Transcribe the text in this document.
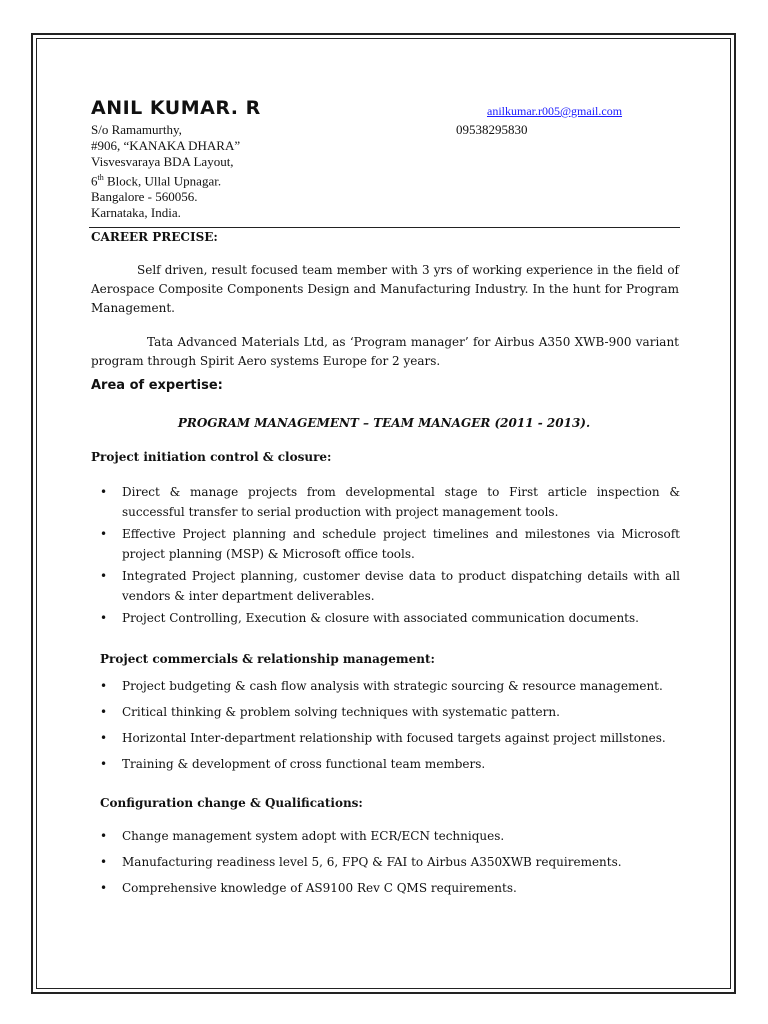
ANIL KUMAR. R	anilkumar.r005@gmail.com
09538295830
S/o Ramamurthy,
#906, “KANAKA DHARA”
Visvesvaraya BDA Layout,
6th Block, Ullal Upnagar.
Bangalore - 560056.
Karnataka, India.
CAREER PRECISE:
Self driven, result focused team member with 3 yrs of working experience in the field of Aerospace Composite Components Design and Manufacturing Industry. In the hunt for Program Management.
Tata Advanced Materials Ltd, as ‘Program manager’ for Airbus A350 XWB-900 variant program through Spirit Aero systems Europe for 2 years.
Area of expertise:
PROGRAM MANAGEMENT – TEAM MANAGER (2011 - 2013).
Project initiation control & closure:
• Direct & manage projects from developmental stage to First article inspection & successful transfer to serial production with project management tools.
• Effective Project planning and schedule project timelines and milestones via Microsoft project planning (MSP) & Microsoft office tools.
• Integrated Project planning, customer devise data to product dispatching details with all vendors & inter department deliverables.
• Project Controlling, Execution & closure with associated communication documents.
Project commercials & relationship management:
• Project budgeting & cash flow analysis with strategic sourcing & resource management.
• Critical thinking & problem solving techniques with systematic pattern.
• Horizontal Inter-department relationship with focused targets against project millstones.
• Training & development of cross functional team members.
Configuration change & Qualifications:
• Change management system adopt with ECR/ECN techniques.
• Manufacturing readiness level 5, 6, FPQ & FAI to Airbus A350XWB requirements.
• Comprehensive knowledge of AS9100 Rev C QMS requirements.
